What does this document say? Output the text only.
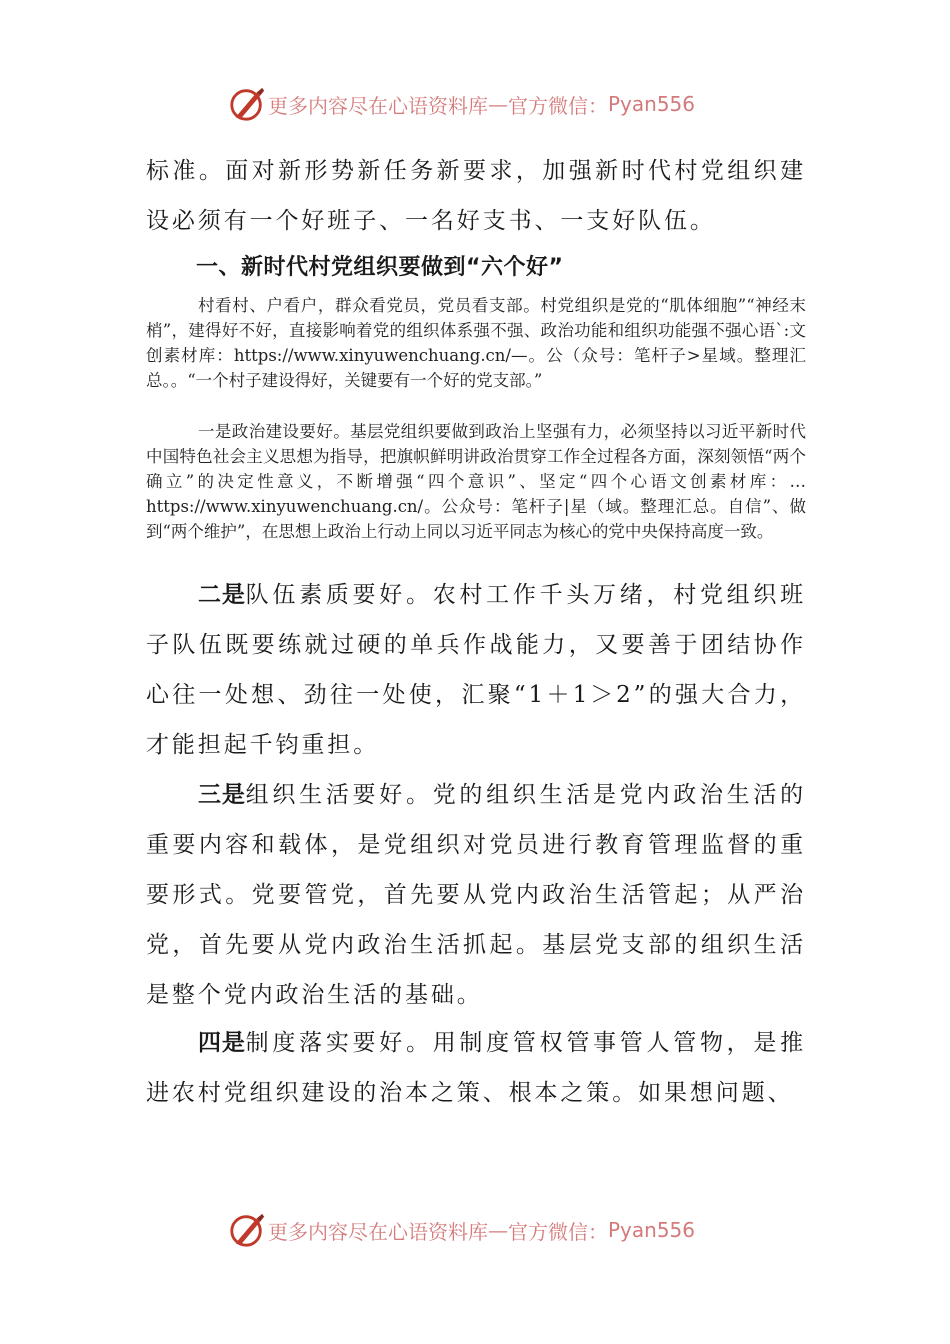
更多内容尽在心语资料库 — 官方微信： Pyan556

标准。面对新形势新任务新要求，加强新时代村党组织建设必须有一个好班子、一名好支书、一支好队伍。

一、新时代村党组织要做到“六个好”

村看村、户看户，群众看党员，党员看支部。村党组织是党的“肌体细胞”“神经末梢”，建得好不好，直接影响着党的组织体系强不强、政治功能和组织功能强不强心语`:文创素材库：https://www.xinyuwenchuang.cn/—。公（众号：笔杆子>星域。整理汇总。。“一个村子建设得好，关键要有一个好的党支部。”

一是政治建设要好。基层党组织要做到政治上坚强有力，必须坚持以习近平新时代中国特色社会主义思想为指导，把旗帜鲜明讲政治贯穿工作全过程各方面，深刻领悟“两个确立”的决定性意义，不断增强“四个意识”、坚定“四个心语文创素材库：…https://www.xinyuwenchuang.cn/。公众号：笔杆子|星（域。整理汇总。自信”、做到“两个维护”，在思想上政治上行动上同以习近平同志为核心的党中央保持高度一致。

二是队伍素质要好。农村工作千头万绪，村党组织班子队伍既要练就过硬的单兵作战能力，又要善于团结协作心往一处想、劲往一处使，汇聚“1＋1＞2”的强大合力，才能担起千钧重担。

三是组织生活要好。党的组织生活是党内政治生活的重要内容和载体，是党组织对党员进行教育管理监督的重要形式。党要管党，首先要从党内政治生活管起；从严治党，首先要从党内政治生活抓起。基层党支部的组织生活是整个党内政治生活的基础。

四是制度落实要好。用制度管权管事管人管物，是推进农村党组织建设的治本之策、根本之策。如果想问题、

更多内容尽在心语资料库 — 官方微信： Pyan556
